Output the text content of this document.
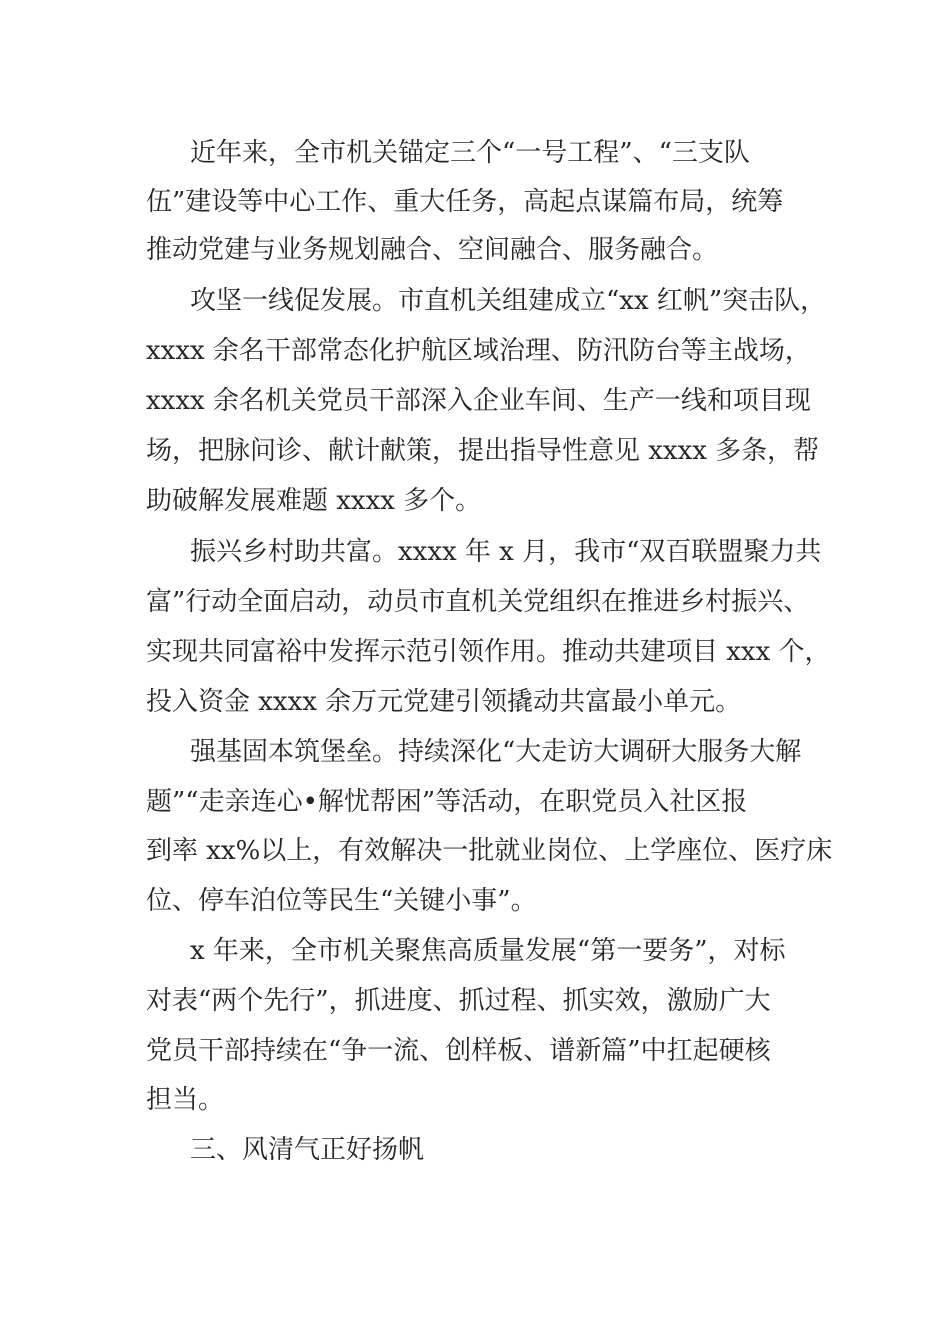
近年来，全市机关锚定三个“一号工程”、“三支队
伍”建设等中心工作、重大任务，高起点谋篇布局，统筹
推动党建与业务规划融合、空间融合、服务融合。
攻坚一线促发展。市直机关组建成立“xx 红帆”突击队，
xxxx 余名干部常态化护航区域治理、防汛防台等主战场，
xxxx 余名机关党员干部深入企业车间、生产一线和项目现
场，把脉问诊、献计献策，提出指导性意见 xxxx 多条，帮
助破解发展难题 xxxx 多个。
振兴乡村助共富。xxxx 年 x 月，我市“双百联盟聚力共
富”行动全面启动，动员市直机关党组织在推进乡村振兴、
实现共同富裕中发挥示范引领作用。推动共建项目 xxx 个，
投入资金 xxxx 余万元党建引领撬动共富最小单元。
强基固本筑堡垒。持续深化“大走访大调研大服务大解
题”“走亲连心•解忧帮困”等活动，在职党员入社区报
到率 xx%以上，有效解决一批就业岗位、上学座位、医疗床
位、停车泊位等民生“关键小事”。
x 年来，全市机关聚焦高质量发展“第一要务”，对标
对表“两个先行”，抓进度、抓过程、抓实效，激励广大
党员干部持续在“争一流、创样板、谱新篇”中扛起硬核
担当。
三、风清气正好扬帆
